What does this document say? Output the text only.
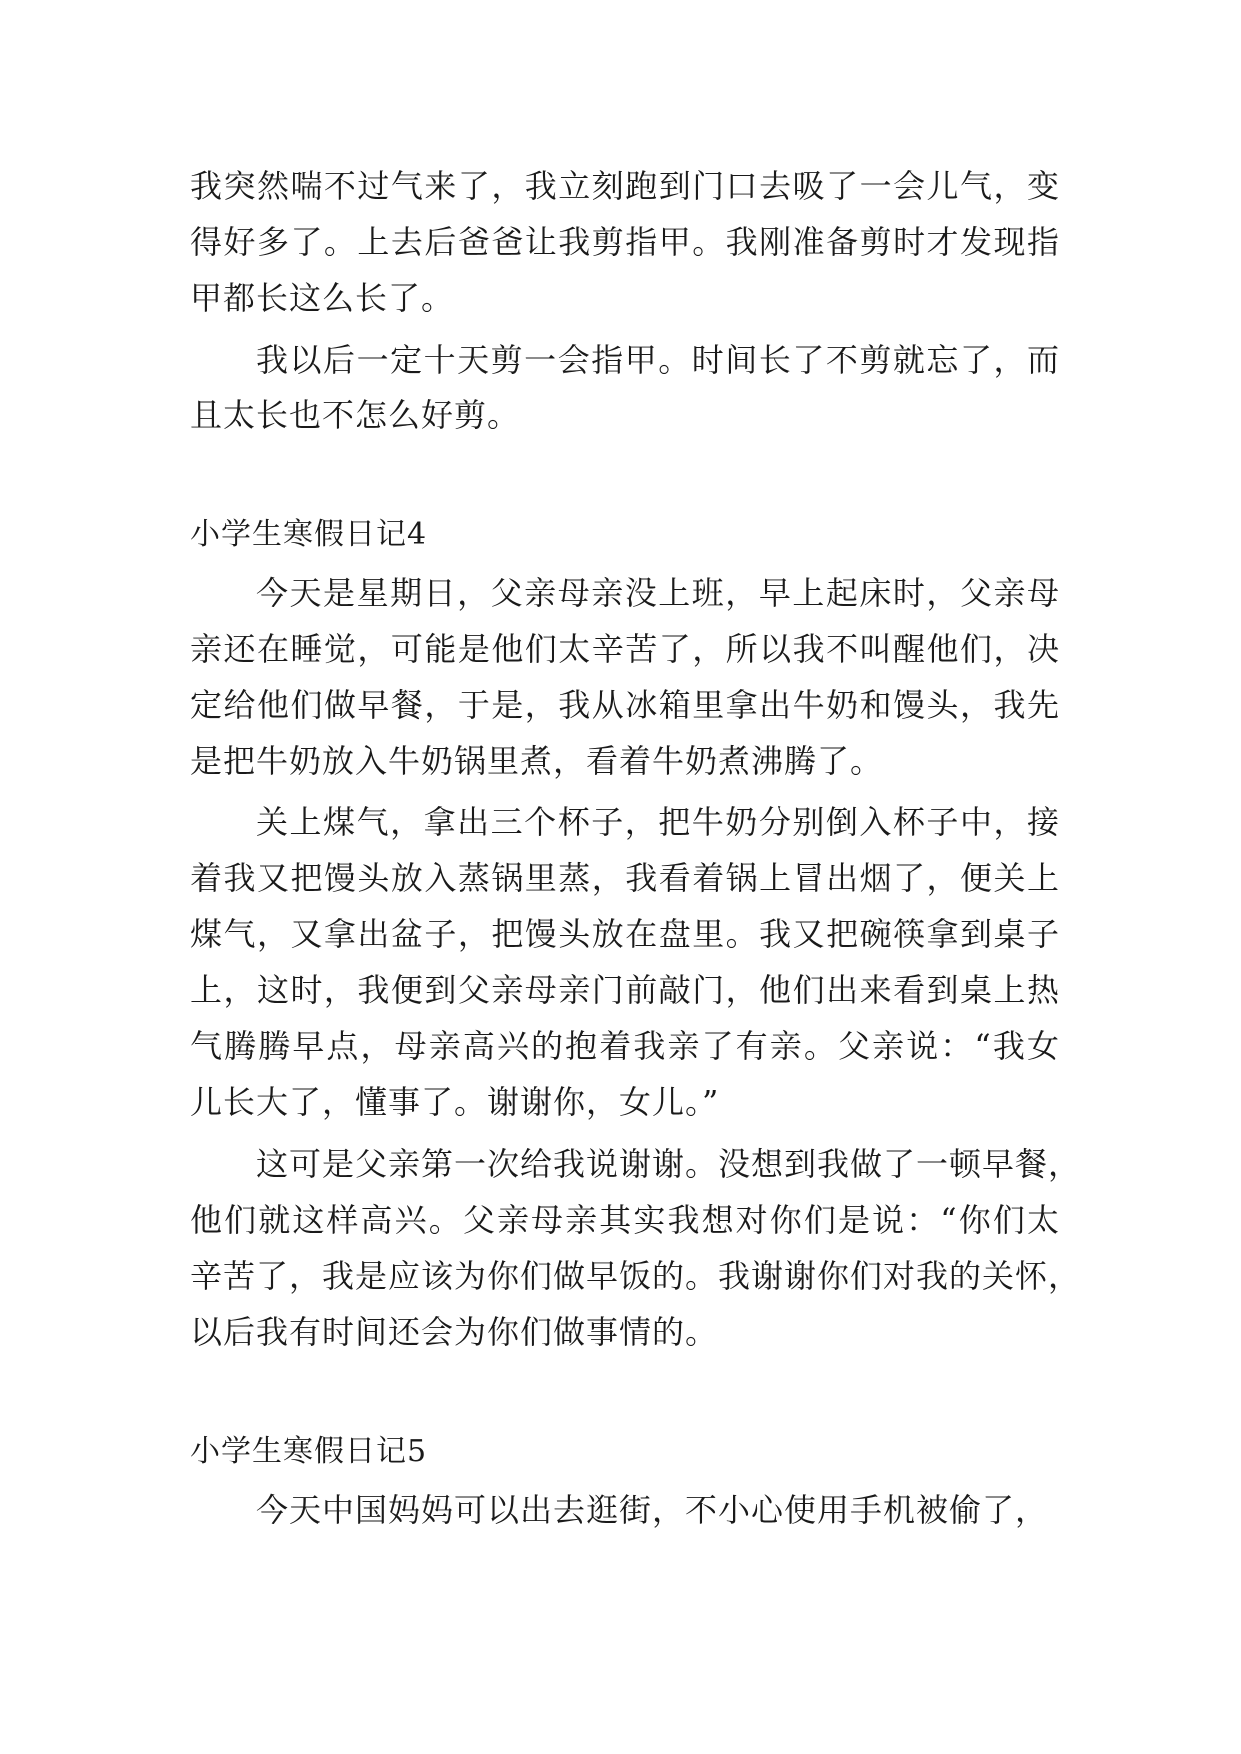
我突然喘不过气来了，我立刻跑到门口去吸了一会儿气，变
得好多了。上去后爸爸让我剪指甲。我刚准备剪时才发现指
甲都长这么长了。
我以后一定十天剪一会指甲。时间长了不剪就忘了，而
且太长也不怎么好剪。
小学生寒假日记4
今天是星期日，父亲母亲没上班，早上起床时，父亲母
亲还在睡觉，可能是他们太辛苦了，所以我不叫醒他们，决
定给他们做早餐，于是，我从冰箱里拿出牛奶和馒头，我先
是把牛奶放入牛奶锅里煮，看着牛奶煮沸腾了。
关上煤气，拿出三个杯子，把牛奶分别倒入杯子中，接
着我又把馒头放入蒸锅里蒸，我看着锅上冒出烟了，便关上
煤气，又拿出盆子，把馒头放在盘里。我又把碗筷拿到桌子
上，这时，我便到父亲母亲门前敲门，他们出来看到桌上热
气腾腾早点，母亲高兴的抱着我亲了有亲。父亲说：“我女
儿长大了，懂事了。谢谢你，女儿。”
这可是父亲第一次给我说谢谢。没想到我做了一顿早餐，
他们就这样高兴。父亲母亲其实我想对你们是说：“你们太
辛苦了，我是应该为你们做早饭的。我谢谢你们对我的关怀，
以后我有时间还会为你们做事情的。
小学生寒假日记5
今天中国妈妈可以出去逛街，不小心使用手机被偷了，
